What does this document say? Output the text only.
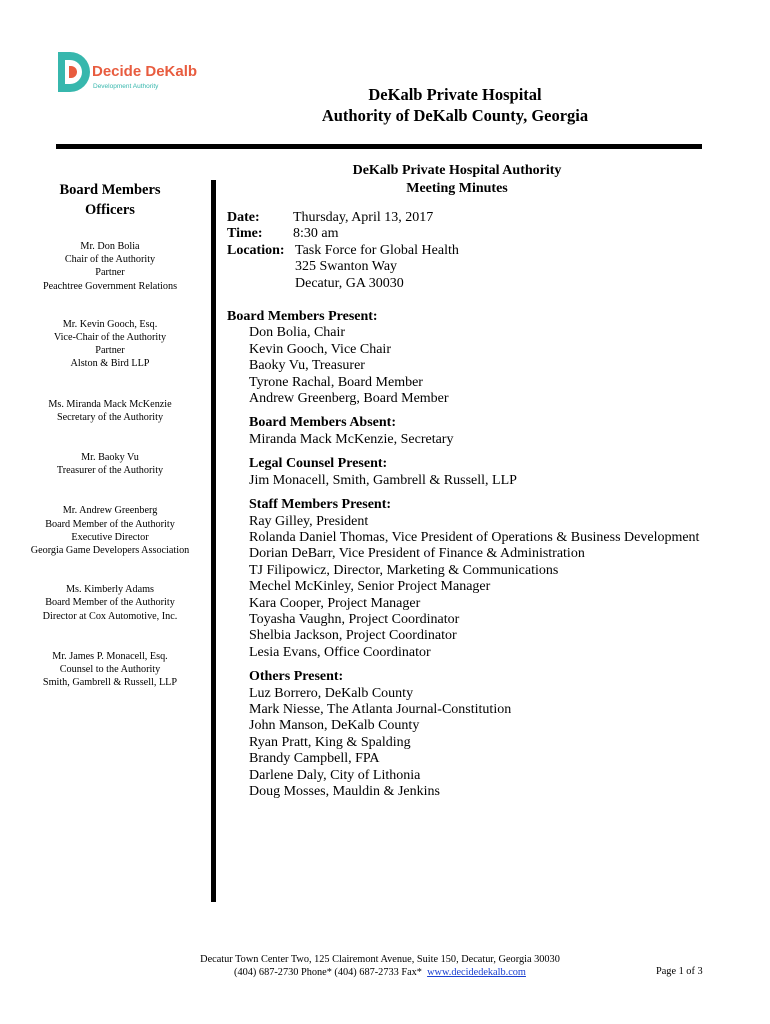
Decide DeKalb
Development Authority	DeKalb Private Hospital
Authority of DeKalb County, Georgia
Board Members
Officers
Mr. Don Bolia
Chair of the Authority
Partner
Peachtree Government Relations
Mr. Kevin Gooch, Esq.
Vice-Chair of the Authority
Partner
Alston & Bird LLP
Ms. Miranda Mack McKenzie
Secretary of the Authority
Mr. Baoky Vu
Treasurer of the Authority
Mr. Andrew Greenberg
Board Member of the Authority
Executive Director
Georgia Game Developers Association
Ms. Kimberly Adams
Board Member of the Authority
Director at Cox Automotive, Inc.
Mr. James P. Monacell, Esq.
Counsel to the Authority
Smith, Gambrell & Russell, LLP
DeKalb Private Hospital Authority
Meeting Minutes
Date:	Thursday, April 13, 2017
Time:	8:30 am
Location: Task Force for Global Health
325 Swanton Way
Decatur, GA 30030
Board Members Present:
Don Bolia, Chair
Kevin Gooch, Vice Chair
Baoky Vu, Treasurer
Tyrone Rachal, Board Member
Andrew Greenberg, Board Member
Board Members Absent:
Miranda Mack McKenzie, Secretary
Legal Counsel Present:
Jim Monacell, Smith, Gambrell & Russell, LLP
Staff Members Present:
Ray Gilley, President
Rolanda Daniel Thomas, Vice President of Operations & Business Development
Dorian DeBarr, Vice President of Finance & Administration
TJ Filipowicz, Director, Marketing & Communications
Mechel McKinley, Senior Project Manager
Kara Cooper, Project Manager
Toyasha Vaughn, Project Coordinator
Shelbia Jackson, Project Coordinator
Lesia Evans, Office Coordinator
Others Present:
Luz Borrero, DeKalb County
Mark Niesse, The Atlanta Journal-Constitution
John Manson, DeKalb County
Ryan Pratt, King & Spalding
Brandy Campbell, FPA
Darlene Daly, City of Lithonia
Doug Mosses, Mauldin & Jenkins
Decatur Town Center Two, 125 Clairemont Avenue, Suite 150, Decatur, Georgia 30030
(404) 687-2730 Phone* (404) 687-2733 Fax* www.decidedekalb.com	Page 1 of 3
